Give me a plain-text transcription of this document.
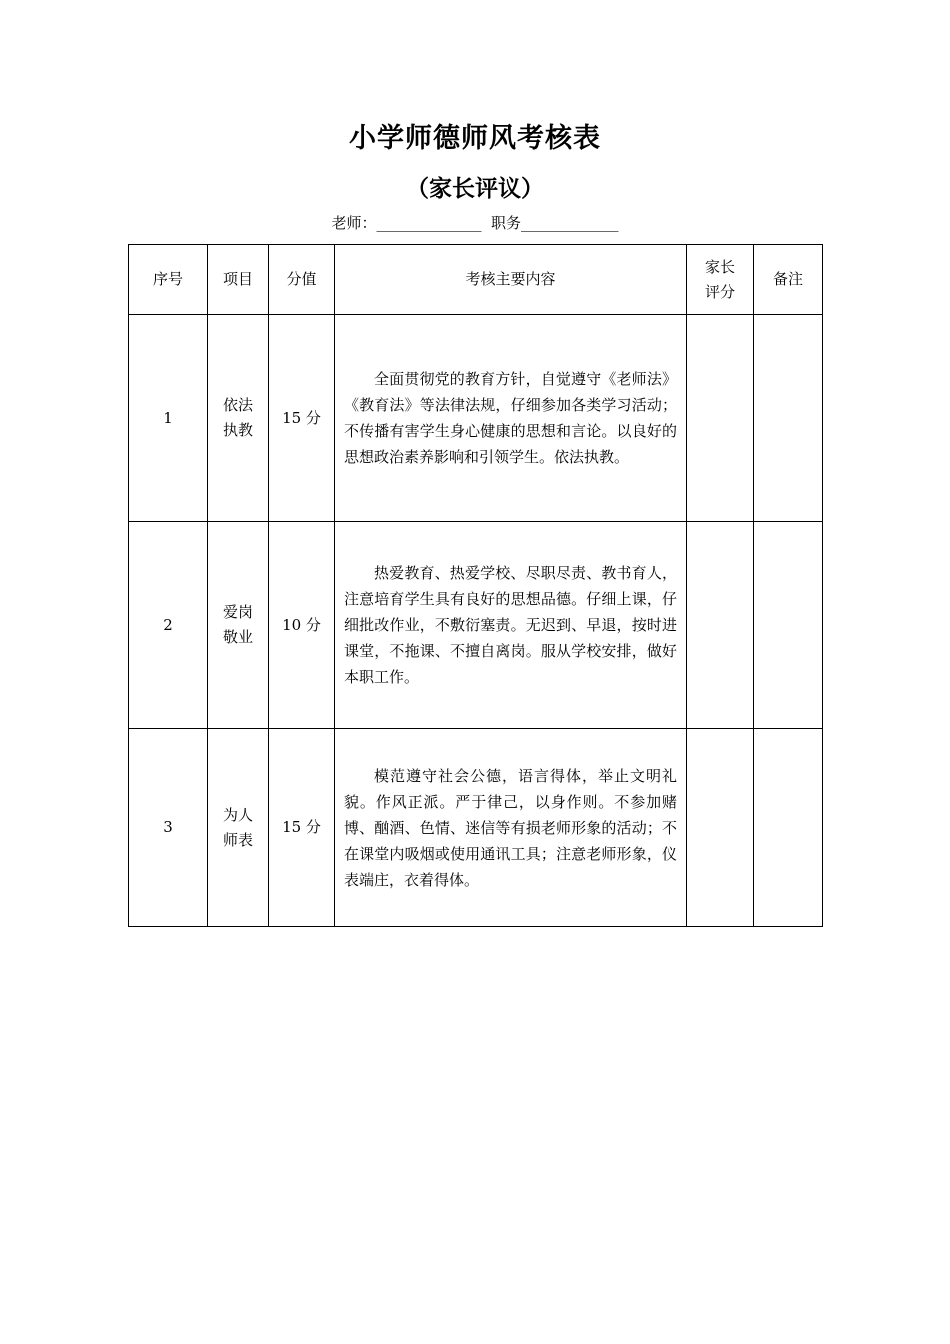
小学师德师风考核表
（家长评议）
老师：______________  职务_____________
序号	项目	分值	考核主要内容	家长评分	备注
1	依法执教	15 分	全面贯彻党的教育方针，自觉遵守《老师法》《教育法》等法律法规，仔细参加各类学习活动；不传播有害学生身心健康的思想和言论。以良好的思想政治素养影响和引领学生。依法执教。		
2	爱岗敬业	10 分	热爱教育、热爱学校、尽职尽责、教书育人，注意培育学生具有良好的思想品德。仔细上课，仔细批改作业，不敷衍塞责。无迟到、早退，按时进课堂，不拖课、不擅自离岗。服从学校安排，做好本职工作。		
3	为人师表	15 分	模范遵守社会公德，语言得体，举止文明礼貌。作风正派。严于律己，以身作则。不参加赌博、酗酒、色情、迷信等有损老师形象的活动；不在课堂内吸烟或使用通讯工具；注意老师形象，仪表端庄，衣着得体。		
